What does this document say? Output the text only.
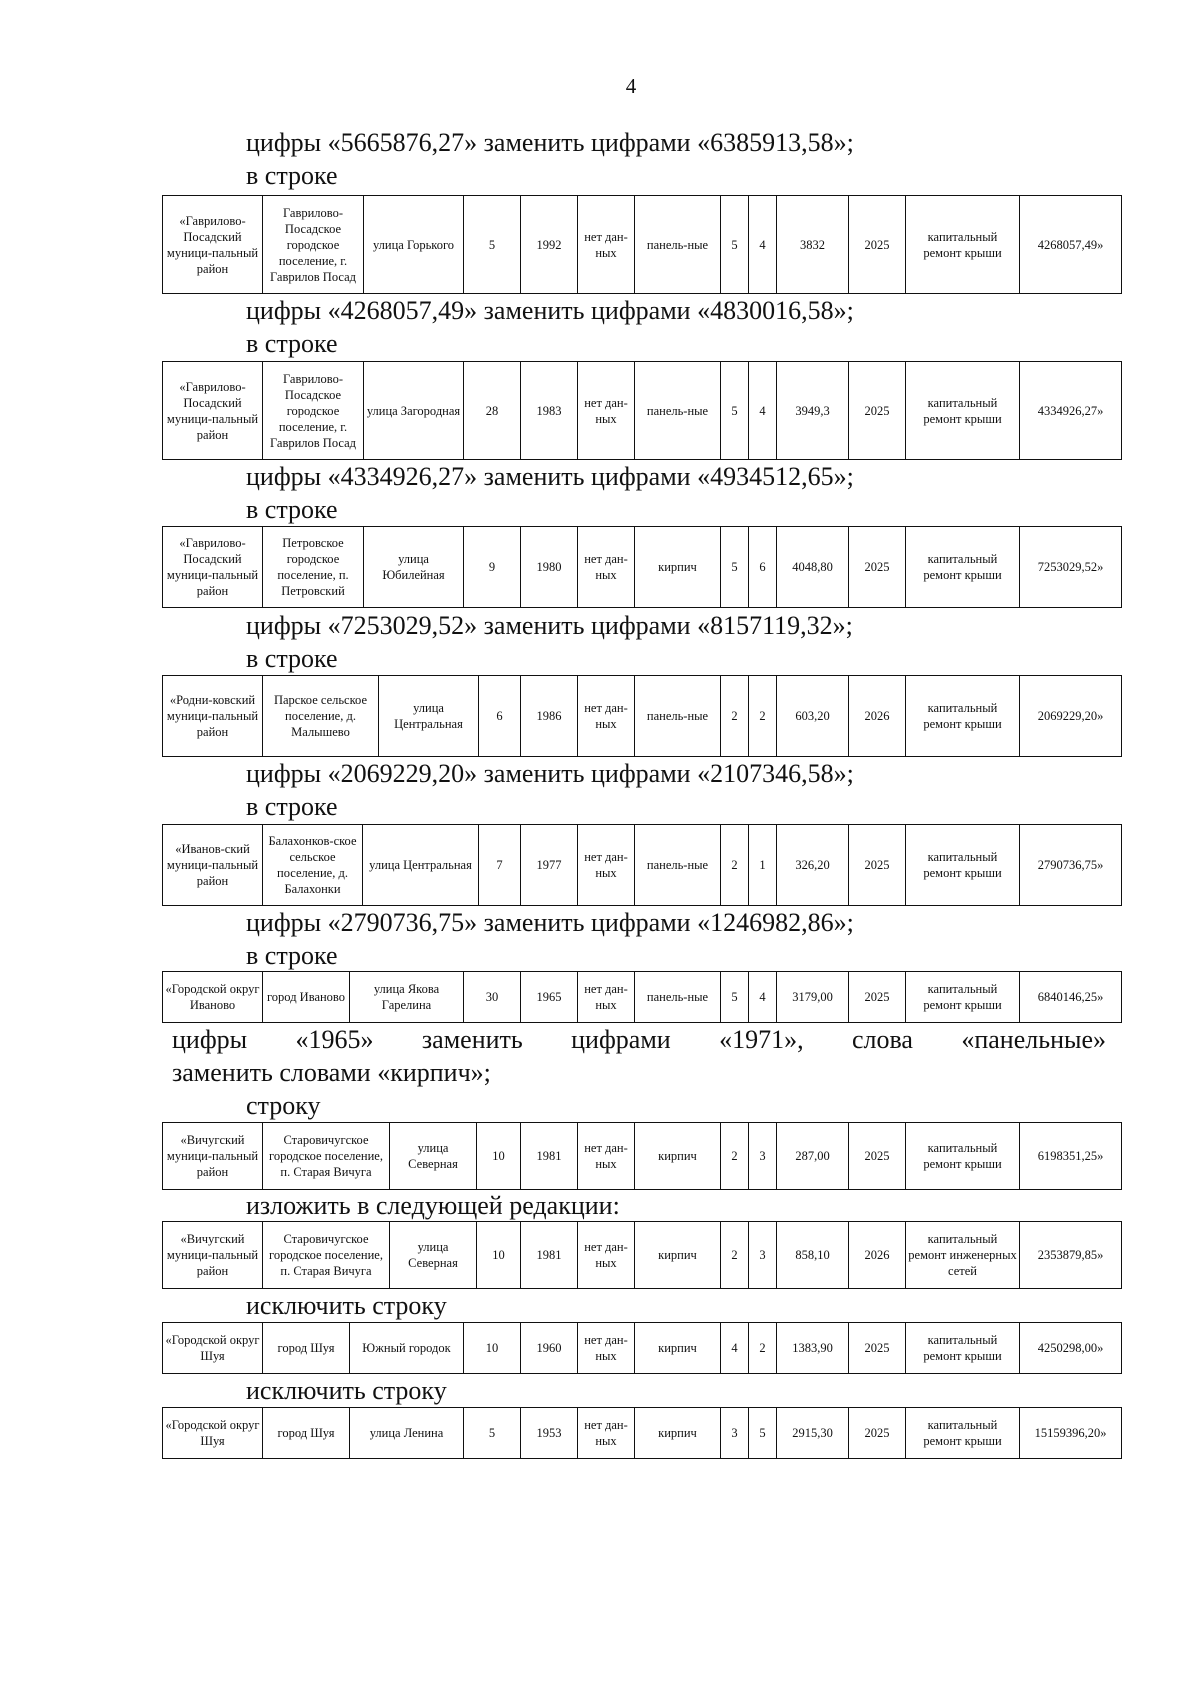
4
цифры «5665876,27» заменить цифрами «6385913,58»;
в строке
«Гаврилово-Посадский муници-пальный район	Гаврилово-Посадское городское поселение, г. Гаврилов Посад	улица Горького	5	1992	нет дан-ных	панель-ные	5	4	3832	2025	капитальный ремонт крыши	4268057,49»
цифры «4268057,49» заменить цифрами «4830016,58»;
в строке
«Гаврилово-Посадский муници-пальный район	Гаврилово-Посадское городское поселение, г. Гаврилов Посад	улица Загородная	28	1983	нет дан-ных	панель-ные	5	4	3949,3	2025	капитальный ремонт крыши	4334926,27»
цифры «4334926,27» заменить цифрами «4934512,65»;
в строке
«Гаврилово-Посадский муници-пальный район	Петровское городское поселение, п. Петровский	улица Юбилейная	9	1980	нет дан-ных	кирпич	5	6	4048,80	2025	капитальный ремонт крыши	7253029,52»
цифры «7253029,52» заменить цифрами «8157119,32»;
в строке
«Родни-ковский муници-пальный район	Парское сельское поселение, д. Малышево	улица Центральная	6	1986	нет дан-ных	панель-ные	2	2	603,20	2026	капитальный ремонт крыши	2069229,20»
цифры «2069229,20» заменить цифрами «2107346,58»;
в строке
«Иванов-ский муници-пальный район	Балахонков-ское сельское поселение, д. Балахонки	улица Центральная	7	1977	нет дан-ных	панель-ные	2	1	326,20	2025	капитальный ремонт крыши	2790736,75»
цифры «2790736,75» заменить цифрами «1246982,86»;
в строке
«Городской округ Иваново	город Иваново	улица Якова Гарелина	30	1965	нет дан-ных	панель-ные	5	4	3179,00	2025	капитальный ремонт крыши	6840146,25»
цифры «1965» заменить цифрами «1971», слова «панельные»
заменить словами «кирпич»;
строку
«Вичугский муници-пальный район	Старовичугское городское поселение, п. Старая Вичуга	улица Северная	10	1981	нет дан-ных	кирпич	2	3	287,00	2025	капитальный ремонт крыши	6198351,25»
изложить в следующей редакции:
«Вичугский муници-пальный район	Старовичугское городское поселение, п. Старая Вичуга	улица Северная	10	1981	нет дан-ных	кирпич	2	3	858,10	2026	капитальный ремонт инженерных сетей	2353879,85»
исключить строку
«Городской округ Шуя	город Шуя	Южный городок	10	1960	нет дан-ных	кирпич	4	2	1383,90	2025	капитальный ремонт крыши	4250298,00»
исключить строку
«Городской округ Шуя	город Шуя	улица Ленина	5	1953	нет дан-ных	кирпич	3	5	2915,30	2025	капитальный ремонт крыши	15159396,20»
